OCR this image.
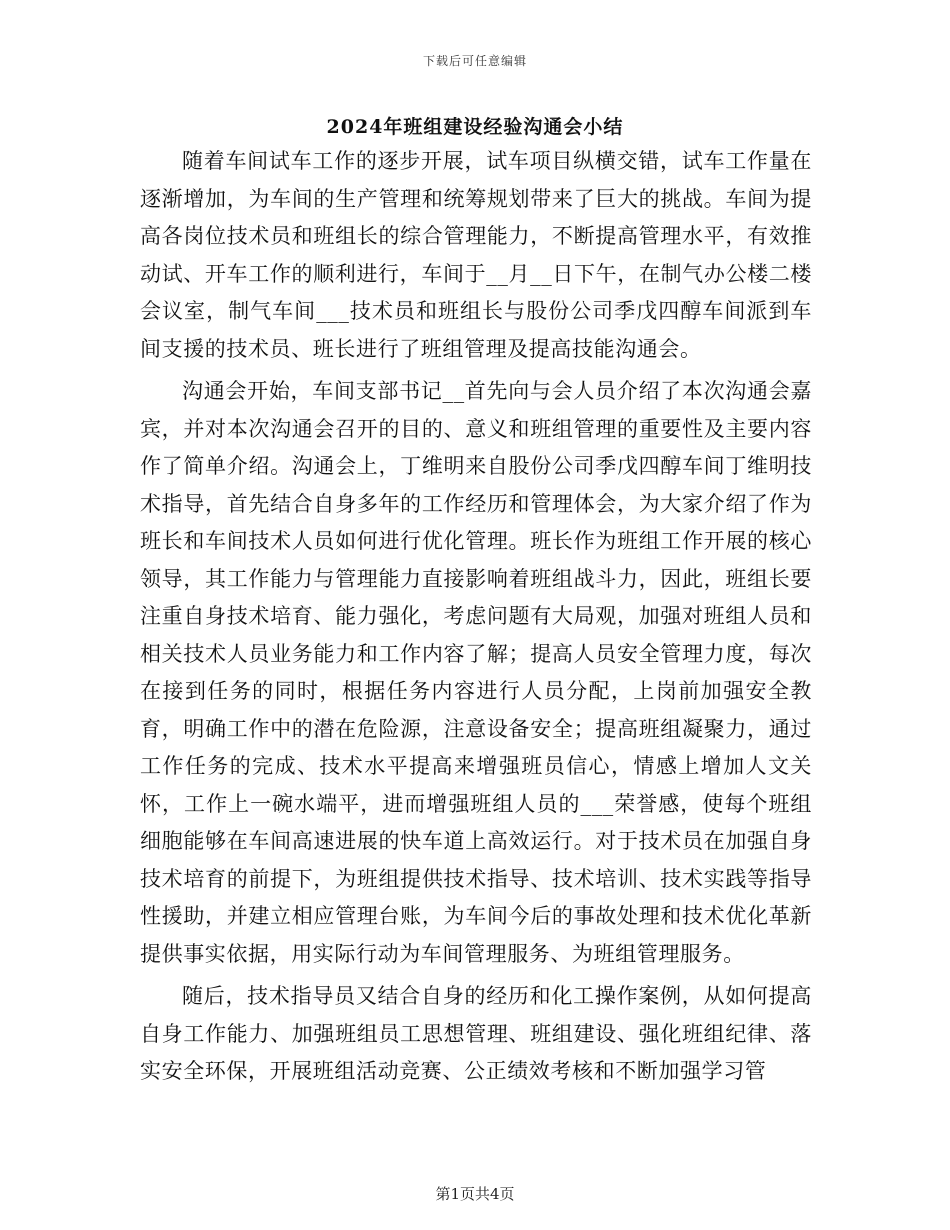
下载后可任意编辑
2024年班组建设经验沟通会小结

随着车间试车工作的逐步开展，试车项目纵横交错，试车工作量在逐渐增加，为车间的生产管理和统筹规划带来了巨大的挑战。车间为提高各岗位技术员和班组长的综合管理能力，不断提高管理水平，有效推动试、开车工作的顺利进行，车间于__月__日下午，在制气办公楼二楼会议室，制气车间___技术员和班组长与股份公司季戊四醇车间派到车间支援的技术员、班长进行了班组管理及提高技能沟通会。

沟通会开始，车间支部书记__首先向与会人员介绍了本次沟通会嘉宾，并对本次沟通会召开的目的、意义和班组管理的重要性及主要内容作了简单介绍。沟通会上，丁维明来自股份公司季戊四醇车间丁维明技术指导，首先结合自身多年的工作经历和管理体会，为大家介绍了作为班长和车间技术人员如何进行优化管理。班长作为班组工作开展的核心领导，其工作能力与管理能力直接影响着班组战斗力，因此，班组长要注重自身技术培育、能力强化，考虑问题有大局观，加强对班组人员和相关技术人员业务能力和工作内容了解；提高人员安全管理力度，每次在接到任务的同时，根据任务内容进行人员分配，上岗前加强安全教育，明确工作中的潜在危险源，注意设备安全；提高班组凝聚力，通过工作任务的完成、技术水平提高来增强班员信心，情感上增加人文关怀，工作上一碗水端平，进而增强班组人员的___荣誉感，使每个班组细胞能够在车间高速进展的快车道上高效运行。对于技术员在加强自身技术培育的前提下，为班组提供技术指导、技术培训、技术实践等指导性援助，并建立相应管理台账，为车间今后的事故处理和技术优化革新提供事实依据，用实际行动为车间管理服务、为班组管理服务。

随后，技术指导员又结合自身的经历和化工操作案例，从如何提高自身工作能力、加强班组员工思想管理、班组建设、强化班组纪律、落实安全环保，开展班组活动竞赛、公正绩效考核和不断加强学习管

第1页共4页
